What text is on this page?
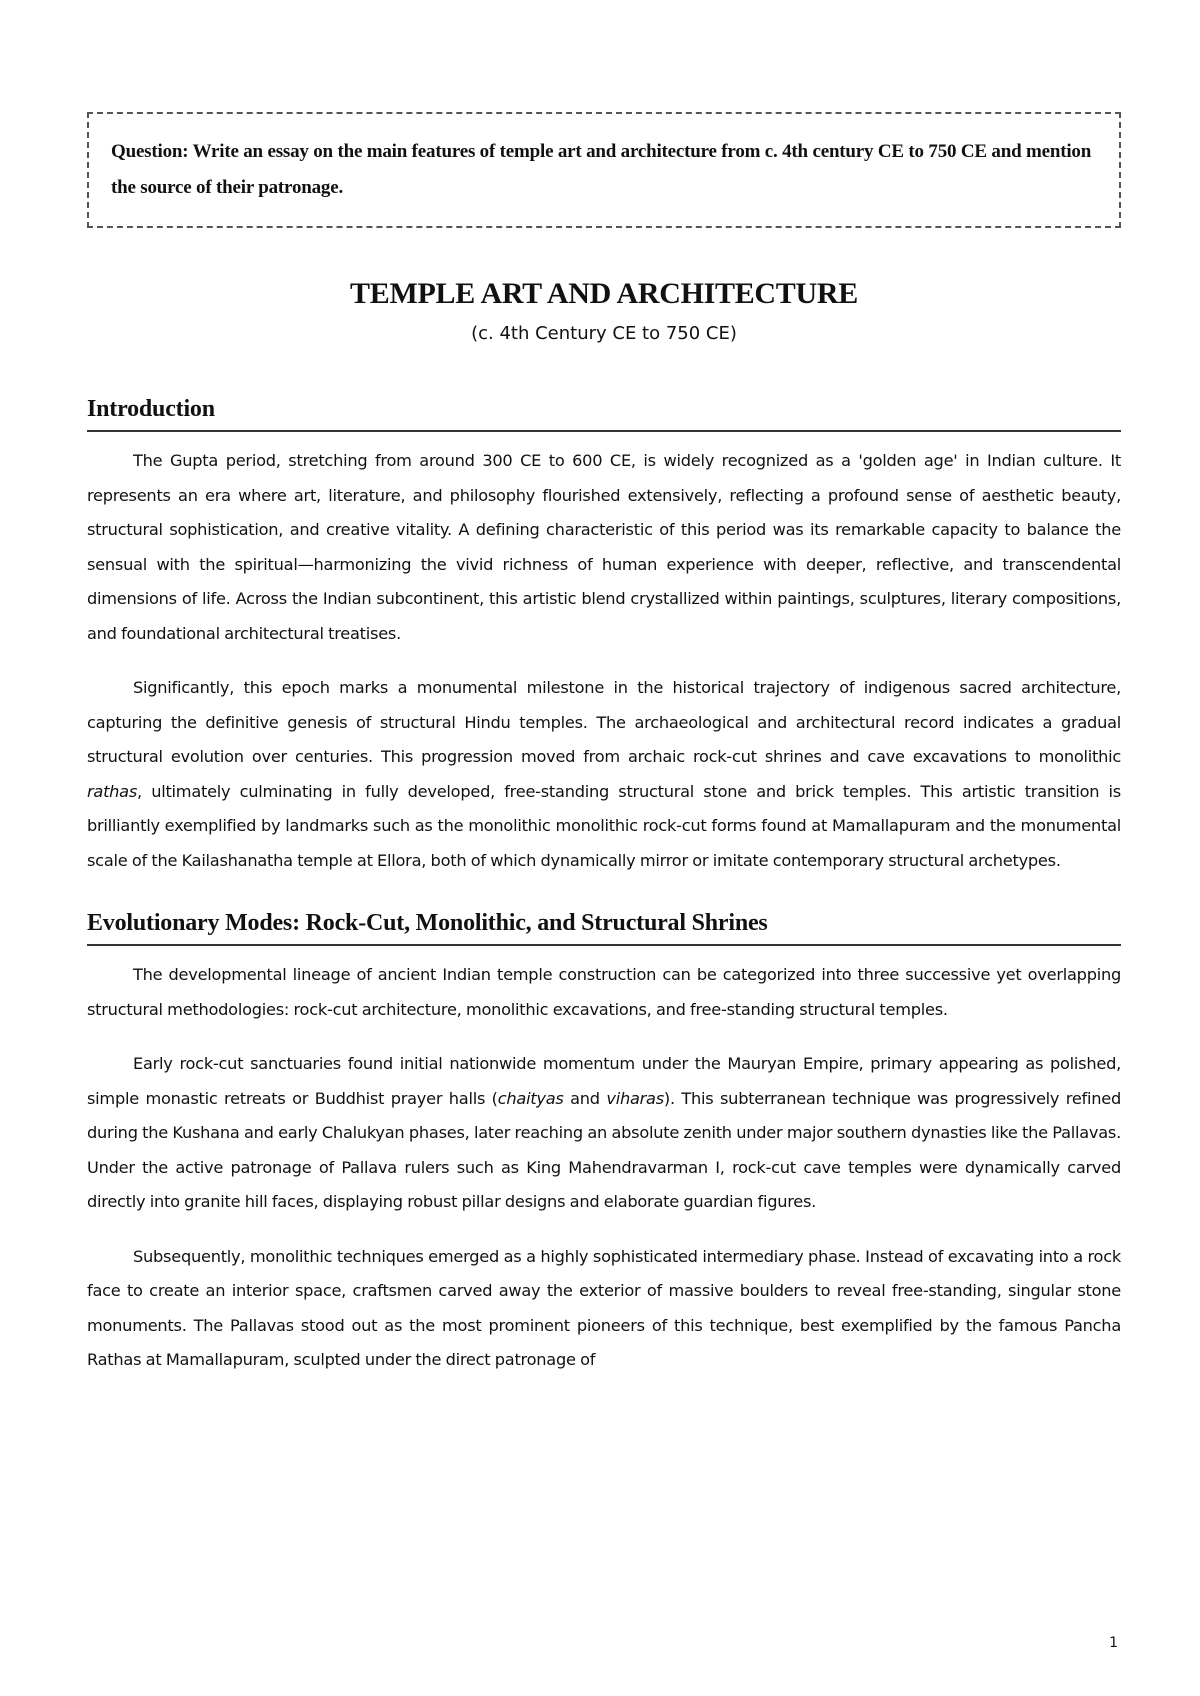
Question: Write an essay on the main features of temple art and architecture from c. 4th century CE to 750 CE and mention the source of their patronage.

TEMPLE ART AND ARCHITECTURE

(c. 4th Century CE to 750 CE)

Introduction

The Gupta period, stretching from around 300 CE to 600 CE, is widely recognized as a 'golden age' in Indian culture. It represents an era where art, literature, and philosophy flourished extensively, reflecting a profound sense of aesthetic beauty, structural sophistication, and creative vitality. A defining characteristic of this period was its remarkable capacity to balance the sensual with the spiritual—harmonizing the vivid richness of human experience with deeper, reflective, and transcendental dimensions of life. Across the Indian subcontinent, this artistic blend crystallized within paintings, sculptures, literary compositions, and foundational architectural treatises.

Significantly, this epoch marks a monumental milestone in the historical trajectory of indigenous sacred architecture, capturing the definitive genesis of structural Hindu temples. The archaeological and architectural record indicates a gradual structural evolution over centuries. This progression moved from archaic rock-cut shrines and cave excavations to monolithic rathas, ultimately culminating in fully developed, free-standing structural stone and brick temples. This artistic transition is brilliantly exemplified by landmarks such as the monolithic monolithic rock-cut forms found at Mamallapuram and the monumental scale of the Kailashanatha temple at Ellora, both of which dynamically mirror or imitate contemporary structural archetypes.

Evolutionary Modes: Rock-Cut, Monolithic, and Structural Shrines

The developmental lineage of ancient Indian temple construction can be categorized into three successive yet overlapping structural methodologies: rock-cut architecture, monolithic excavations, and free-standing structural temples.

Early rock-cut sanctuaries found initial nationwide momentum under the Mauryan Empire, primary appearing as polished, simple monastic retreats or Buddhist prayer halls (chaityas and viharas). This subterranean technique was progressively refined during the Kushana and early Chalukyan phases, later reaching an absolute zenith under major southern dynasties like the Pallavas. Under the active patronage of Pallava rulers such as King Mahendravarman I, rock-cut cave temples were dynamically carved directly into granite hill faces, displaying robust pillar designs and elaborate guardian figures.

Subsequently, monolithic techniques emerged as a highly sophisticated intermediary phase. Instead of excavating into a rock face to create an interior space, craftsmen carved away the exterior of massive boulders to reveal free-standing, singular stone monuments. The Pallavas stood out as the most prominent pioneers of this technique, best exemplified by the famous Pancha Rathas at Mamallapuram, sculpted under the direct patronage of

1
